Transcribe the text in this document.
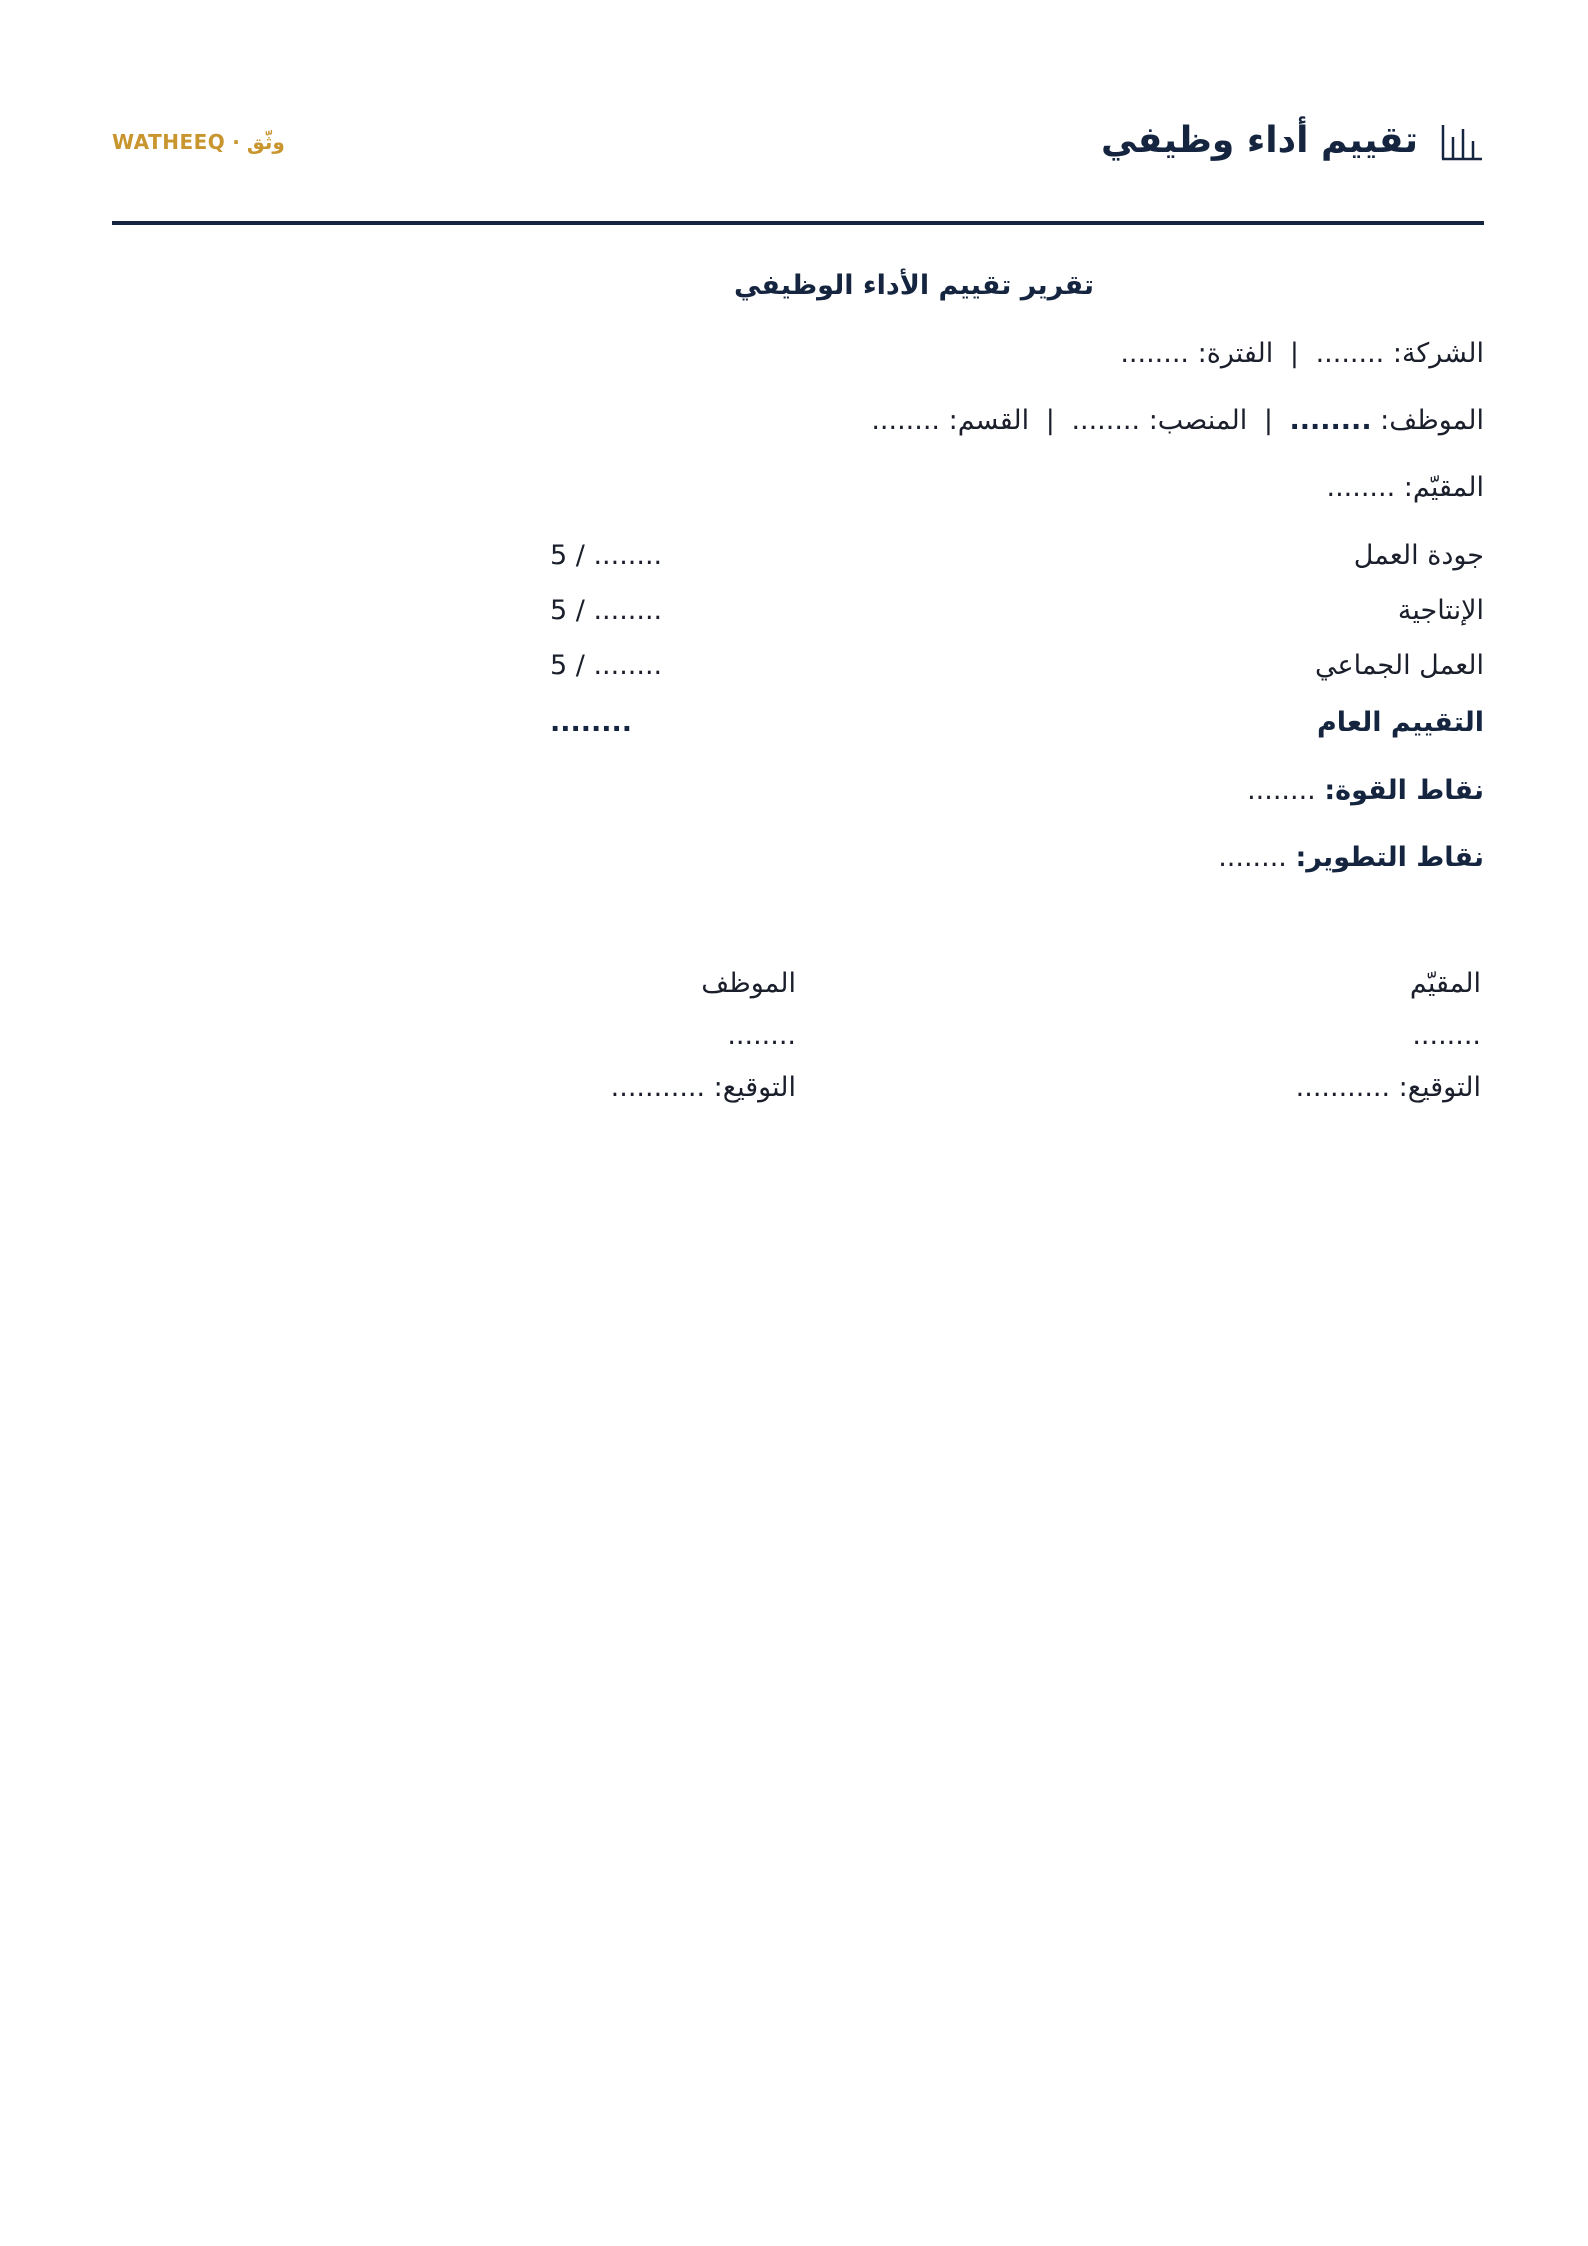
تقييم أداء وظيفي
وثّق · WATHEEQ
تقرير تقييم الأداء الوظيفي
الشركة: ........ | الفترة: ........
الموظف: ........ | المنصب: ........ | القسم: ........
المقيّم: ........
جودة العمل
........ / 5
الإنتاجية
........ / 5
العمل الجماعي
........ / 5
التقييم العام
........
نقاط القوة: ........
نقاط التطوير: ........
المقيّم
........
التوقيع: ...........
الموظف
........
التوقيع: ...........
